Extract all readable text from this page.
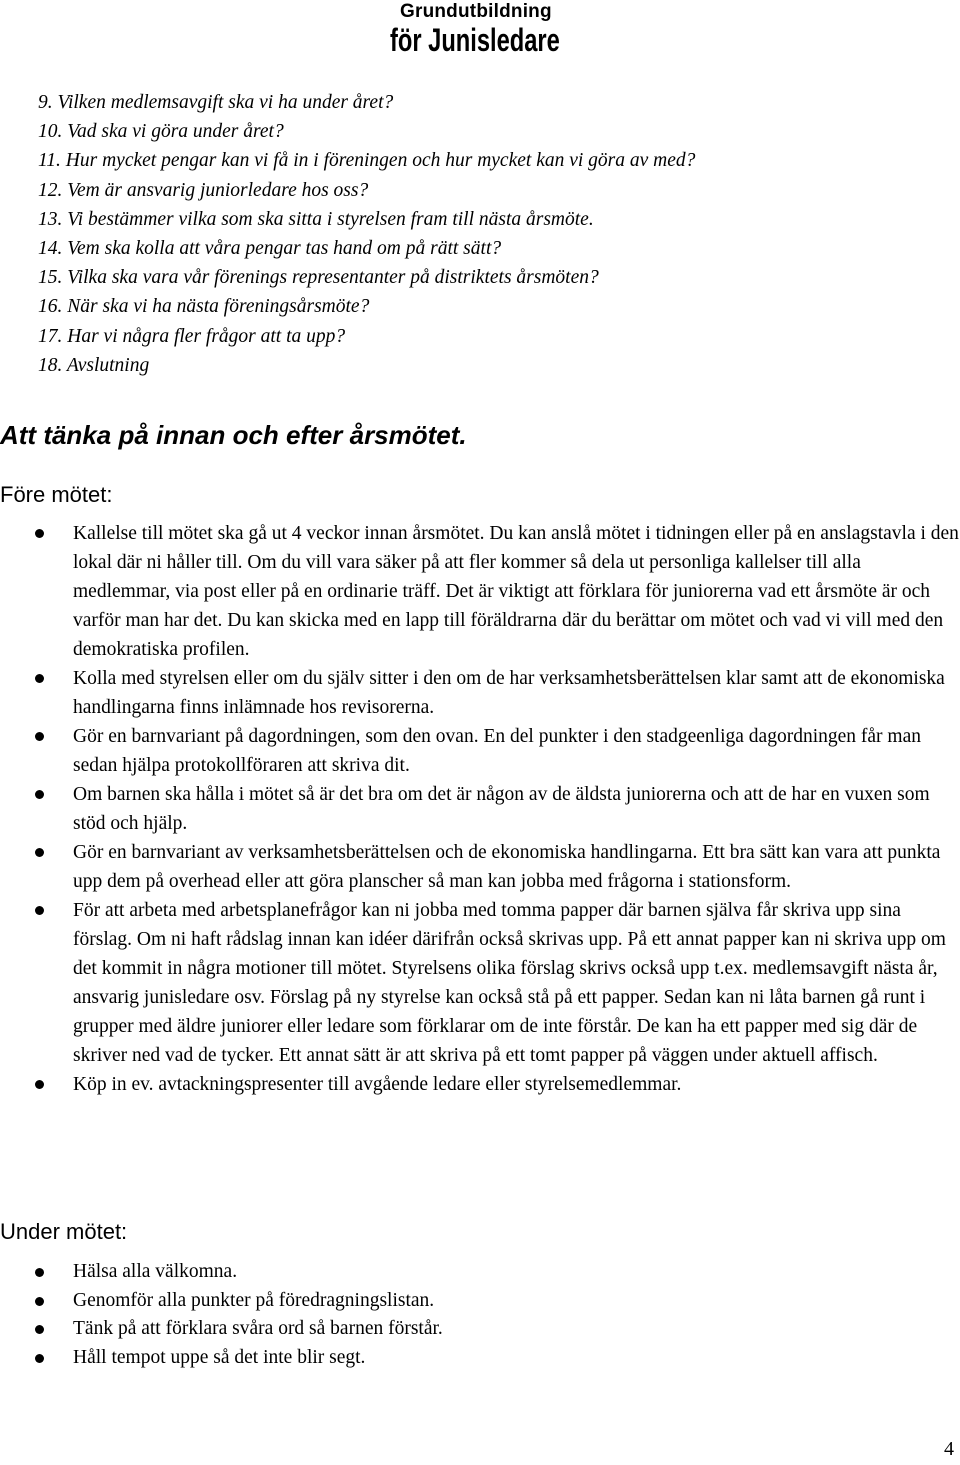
Grundutbildning
för Junisledare
9. Vilken medlemsavgift ska vi ha under året?
10. Vad ska vi göra under året?
11. Hur mycket pengar kan vi få in i föreningen och hur mycket kan vi göra av med?
12. Vem är ansvarig juniorledare hos oss?
13. Vi bestämmer vilka som ska sitta i styrelsen fram till nästa årsmöte.
14. Vem ska kolla att våra pengar tas hand om på rätt sätt?
15. Vilka ska vara vår förenings representanter på distriktets årsmöten?
16. När ska vi ha nästa föreningsårsmöte?
17. Har vi några fler frågor att ta upp?
18. Avslutning
Att tänka på innan och efter årsmötet.
Före mötet:
Kallelse till mötet ska gå ut 4 veckor innan årsmötet. Du kan anslå mötet i tidningen eller på en anslagstavla i den lokal där ni håller till. Om du vill vara säker på att fler kommer så dela ut personliga kallelser till alla medlemmar, via post eller på en ordinarie träff. Det är viktigt att förklara för juniorerna vad ett årsmöte är och varför man har det. Du kan skicka med en lapp till föräldrarna där du berättar om mötet och vad vi vill med den demokratiska profilen.
Kolla med styrelsen eller om du själv sitter i den om de har verksamhetsberättelsen klar samt att de ekonomiska handlingarna finns inlämnade hos revisorerna.
Gör en barnvariant på dagordningen, som den ovan. En del punkter i den stadgeenliga dagordningen får man sedan hjälpa protokollföraren att skriva dit.
Om barnen ska hålla i mötet så är det bra om det är någon av de äldsta juniorerna och att de har en vuxen som stöd och hjälp.
Gör en barnvariant av verksamhetsberättelsen och de ekonomiska handlingarna. Ett bra sätt kan vara att punkta upp dem på overhead eller att göra planscher så man kan jobba med frågorna i stationsform.
För att arbeta med arbetsplanefrågor kan ni jobba med tomma papper där barnen själva får skriva upp sina förslag. Om ni haft rådslag innan kan idéer därifrån också skrivas upp. På ett annat papper kan ni skriva upp om det kommit in några motioner till mötet. Styrelsens olika förslag skrivs också upp t.ex. medlemsavgift nästa år, ansvarig junisledare osv. Förslag på ny styrelse kan också stå på ett papper. Sedan kan ni låta barnen gå runt i grupper med äldre juniorer eller ledare som förklarar om de inte förstår. De kan ha ett papper med sig där de skriver ned vad de tycker. Ett annat sätt är att skriva på ett tomt papper på väggen under aktuell affisch.
Köp in ev. avtackningspresenter till avgående ledare eller styrelsemedlemmar.
Under mötet:
Hälsa alla välkomna.
Genomför alla punkter på föredragningslistan.
Tänk på att förklara svåra ord så barnen förstår.
Håll tempot uppe så det inte blir segt.
4
